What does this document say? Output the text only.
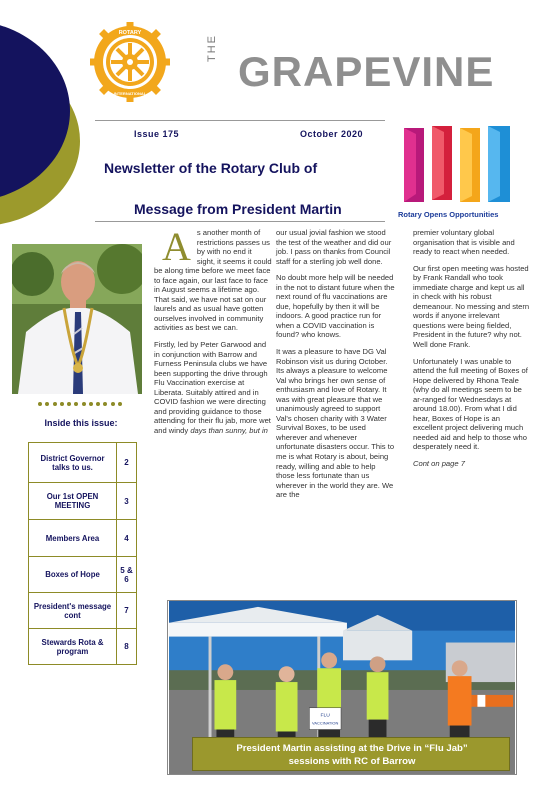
ROTARY
INTERNATIONAL
THE GRAPEVINE
Issue 175	October 2020
Rotary Opens Opportunities
Newsletter of the Rotary Club of
Message from President Martin
Inside this issue:
District Governor talks to us.	2
Our 1st OPEN MEETING	3
Members Area	4
Boxes of Hope	5 & 6
President's message cont	7
Stewards Rota & program	8

As another month of restrictions passes us by with no end it sight, it seems it could be along time before we meet face to face again, our last face to face in August seems a lifetime ago. That said, we have not sat on our laurels and as usual have gotten ourselves involved in community activities as best we can.

Firstly, led by Peter Garwood and in conjunction with Barrow and Furness Peninsula clubs we have been supporting the drive through Flu Vaccination exercise at Liberata. Suitably attired and in COVID fashion we were directing and providing guidance to those attending for their flu jab, more wet and windy days than sunny, but in

our usual jovial fashion we stood the test of the weather and did our job. I pass on thanks from Council staff for a sterling job well done.

No doubt more help will be needed in the not to distant future when the next round of flu vaccinations are due, hopefully by then it will be indoors. A good practice run for when a COVID vaccination is found? who knows.

It was a pleasure to have DG Val Robinson visit us during October. Its always a pleasure to welcome Val who brings her own sense of enthusiasm and love of Rotary. It was with great pleasure that we unanimously agreed to support Val's chosen charity with 3 Water Survival Boxes, to be used wherever and whenever unfortunate disasters occur. This to me is what Rotary is about, being ready, willing and able to help those less fortunate than us wherever in the world they are. We are the

premier voluntary global organisation that is visible and ready to react when needed.

Our first open meeting was hosted by Frank Randall who took immediate charge and kept us all in check with his robust demeanour. No messing and stern words if anyone irrelevant questions were being fielded, President in the future? why not. Well done Frank.

Unfortunately I was unable to attend the full meeting of Boxes of Hope delivered by Rhona Teale (why do all meetings seem to be ar-ranged for Wednesdays at around 18.00). From what I did hear, Boxes of Hope is an excellent project delivering much needed aid and help to those who desperately need it.

Cont on page 7

FLU
VACCINATION
President Martin assisting at the Drive in “Flu Jab”
sessions with RC of Barrow
